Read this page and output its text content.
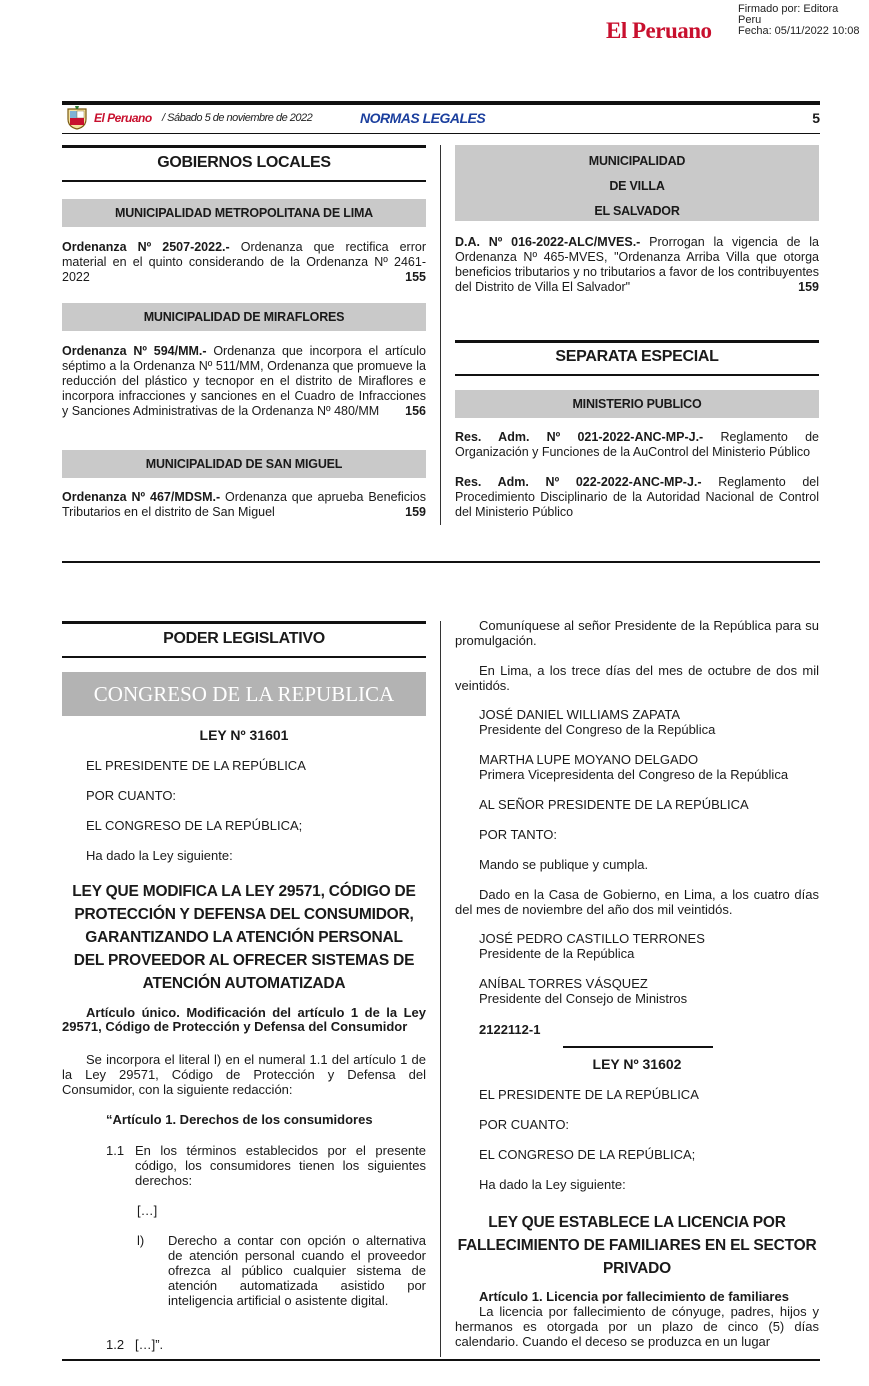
El Peruano
Firmado por: Editora
Peru
Fecha: 05/11/2022 10:08
El Peruano / Sábado 5 de noviembre de 2022	NORMAS LEGALES	5
GOBIERNOS LOCALES
MUNICIPALIDAD METROPOLITANA DE LIMA
Ordenanza Nº 2507-2022.- Ordenanza que rectifica error material en el quinto considerando de la Ordenanza Nº 2461-2022	155
MUNICIPALIDAD DE MIRAFLORES
Ordenanza Nº 594/MM.- Ordenanza que incorpora el artículo séptimo a la Ordenanza Nº 511/MM, Ordenanza que promueve la reducción del plástico y tecnopor en el distrito de Miraflores e incorpora infracciones y sanciones en el Cuadro de Infracciones y Sanciones Administrativas de la Ordenanza Nº 480/MM 156
MUNICIPALIDAD DE SAN MIGUEL
Ordenanza Nº 467/MDSM.- Ordenanza que aprueba Beneficios Tributarios en el distrito de San Miguel	159
MUNICIPALIDAD
DE VILLA
EL SALVADOR
D.A. Nº 016-2022-ALC/MVES.- Prorrogan la vigencia de la Ordenanza Nº 465-MVES, "Ordenanza Arriba Villa que otorga beneficios tributarios y no tributarios a favor de los contribuyentes del Distrito de Villa El Salvador"	159
SEPARATA ESPECIAL
MINISTERIO PUBLICO
Res. Adm. Nº 021-2022-ANC-MP-J.- Reglamento de Organización y Funciones de la AuControl del Ministerio Público
Res. Adm. Nº 022-2022-ANC-MP-J.- Reglamento del Procedimiento Disciplinario de la Autoridad Nacional de Control del Ministerio Público
PODER LEGISLATIVO
CONGRESO DE LA REPUBLICA
LEY Nº 31601
EL PRESIDENTE DE LA REPÚBLICA
POR CUANTO:
EL CONGRESO DE LA REPÚBLICA;
Ha dado la Ley siguiente:
LEY QUE MODIFICA LA LEY 29571, CÓDIGO DE PROTECCIÓN Y DEFENSA DEL CONSUMIDOR, GARANTIZANDO LA ATENCIÓN PERSONAL DEL PROVEEDOR AL OFRECER SISTEMAS DE ATENCIÓN AUTOMATIZADA
Artículo único. Modificación del artículo 1 de la Ley 29571, Código de Protección y Defensa del Consumidor
Se incorpora el literal l) en el numeral 1.1 del artículo 1 de la Ley 29571, Código de Protección y Defensa del Consumidor, con la siguiente redacción:
“Artículo 1. Derechos de los consumidores
1.1 En los términos establecidos por el presente código, los consumidores tienen los siguientes derechos:
[…]
l)	Derecho a contar con opción o alternativa de atención personal cuando el proveedor ofrezca al público cualquier sistema de atención automatizada asistido por inteligencia artificial o asistente digital.
1.2 […]”.
Comuníquese al señor Presidente de la República para su promulgación.
En Lima, a los trece días del mes de octubre de dos mil veintidós.
JOSÉ DANIEL WILLIAMS ZAPATA
Presidente del Congreso de la República
MARTHA LUPE MOYANO DELGADO
Primera Vicepresidenta del Congreso de la República
AL SEÑOR PRESIDENTE DE LA REPÚBLICA
POR TANTO:
Mando se publique y cumpla.
Dado en la Casa de Gobierno, en Lima, a los cuatro días del mes de noviembre del año dos mil veintidós.
JOSÉ PEDRO CASTILLO TERRONES
Presidente de la República
ANÍBAL TORRES VÁSQUEZ
Presidente del Consejo de Ministros
2122112-1
LEY Nº 31602
EL PRESIDENTE DE LA REPÚBLICA
POR CUANTO:
EL CONGRESO DE LA REPÚBLICA;
Ha dado la Ley siguiente:
LEY QUE ESTABLECE LA LICENCIA POR FALLECIMIENTO DE FAMILIARES EN EL SECTOR PRIVADO
Artículo 1. Licencia por fallecimiento de familiares
La licencia por fallecimiento de cónyuge, padres, hijos y hermanos es otorgada por un plazo de cinco (5) días calendario. Cuando el deceso se produzca en un lugar
